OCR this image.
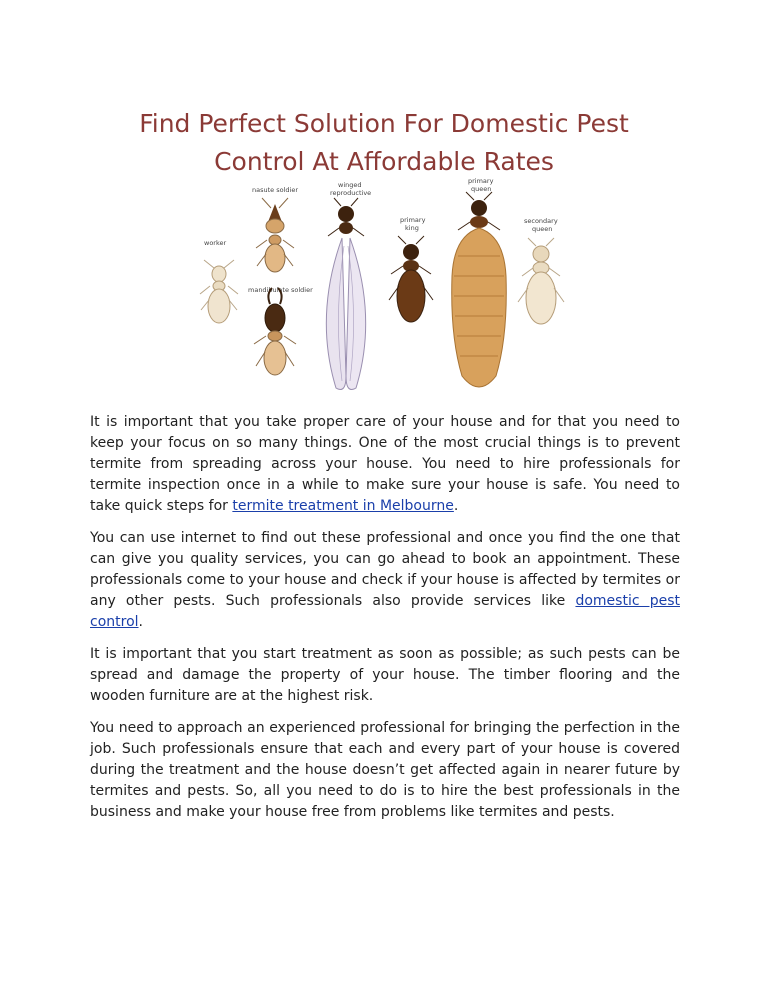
Find Perfect Solution For Domestic Pest
Control At Affordable Rates
worker
nasute soldier
mandibulate soldier
winged
reproductive
primary
king
primary
queen
secondary
queen

It is important that you take proper care of your house and for that you need to keep your focus on so many things. One of the most crucial things is to prevent termite from spreading across your house. You need to hire professionals for termite inspection once in a while to make sure your house is safe. You need to take quick steps for termite treatment in Melbourne.

You can use internet to find out these professional and once you find the one that can give you quality services, you can go ahead to book an appointment. These professionals come to your house and check if your house is affected by termites or any other pests. Such professionals also provide services like domestic pest control.

It is important that you start treatment as soon as possible; as such pests can be spread and damage the property of your house. The timber flooring and the wooden furniture are at the highest risk.

You need to approach an experienced professional for bringing the perfection in the job. Such professionals ensure that each and every part of your house is covered during the treatment and the house doesn’t get affected again in nearer future by termites and pests. So, all you need to do is to hire the best professionals in the business and make your house free from problems like termites and pests.
